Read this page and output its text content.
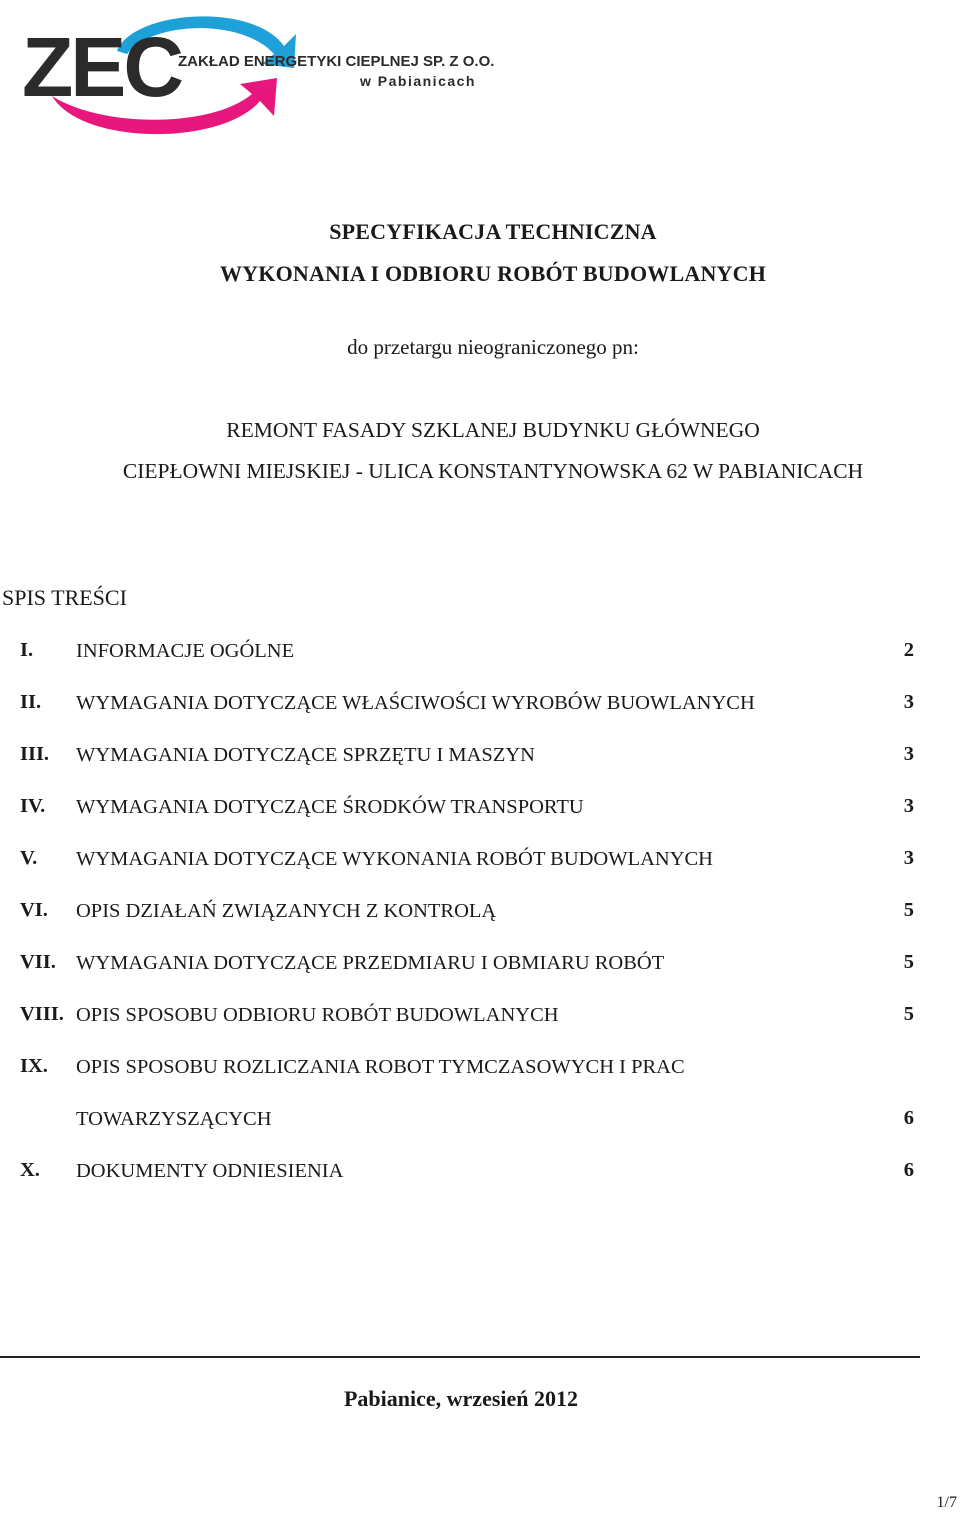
ZEC
ZAKŁAD ENERGETYKI CIEPLNEJ SP. Z O.O.
w Pabianicach
SPECYFIKACJA TECHNICZNA
WYKONANIA I ODBIORU ROBÓT BUDOWLANYCH
do przetargu nieograniczonego pn:
REMONT FASADY SZKLANEJ BUDYNKU GŁÓWNEGO
CIEPŁOWNI MIEJSKIEJ - ULICA KONSTANTYNOWSKA 62 W PABIANICACH
SPIS TREŚCI
I. INFORMACJE OGÓLNE	2
II. WYMAGANIA DOTYCZĄCE WŁAŚCIWOŚCI WYROBÓW BUOWLANYCH	3
III. WYMAGANIA DOTYCZĄCE SPRZĘTU I MASZYN	3
IV. WYMAGANIA DOTYCZĄCE ŚRODKÓW TRANSPORTU	3
V. WYMAGANIA DOTYCZĄCE WYKONANIA ROBÓT BUDOWLANYCH	3
VI. OPIS DZIAŁAŃ ZWIĄZANYCH Z KONTROLĄ	5
VII. WYMAGANIA DOTYCZĄCE PRZEDMIARU I OBMIARU ROBÓT	5
VIII. OPIS SPOSOBU ODBIORU ROBÓT BUDOWLANYCH	5
IX. OPIS SPOSOBU ROZLICZANIA ROBOT TYMCZASOWYCH I PRAC TOWARZYSZĄCYCH	6
X. DOKUMENTY ODNIESIENIA	6
Pabianice, wrzesień 2012
1/7
